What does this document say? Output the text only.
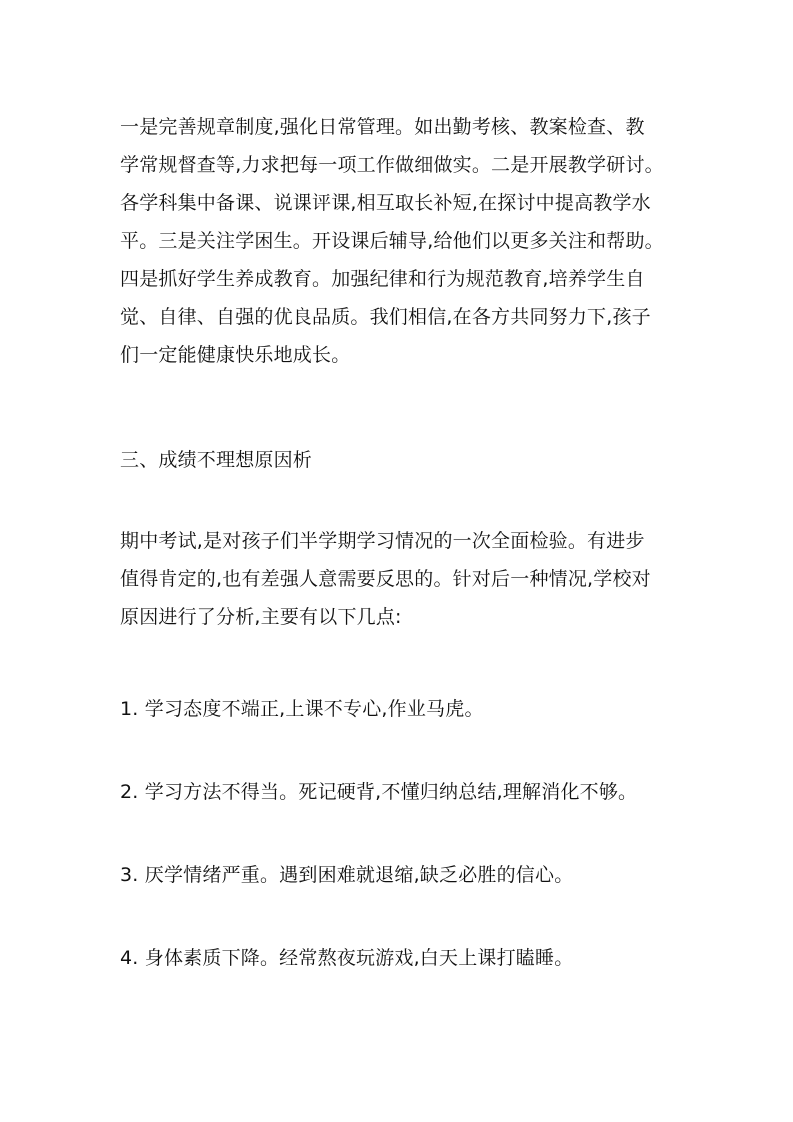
一是完善规章制度,强化日常管理。如出勤考核、教案检查、教
学常规督查等,力求把每一项工作做细做实。二是开展教学研讨。
各学科集中备课、说课评课,相互取长补短,在探讨中提高教学水
平。三是关注学困生。开设课后辅导,给他们以更多关注和帮助。
四是抓好学生养成教育。加强纪律和行为规范教育,培养学生自
觉、自律、自强的优良品质。我们相信,在各方共同努力下,孩子
们一定能健康快乐地成长。

三、成绩不理想原因析

期中考试,是对孩子们半学期学习情况的一次全面检验。有进步
值得肯定的,也有差强人意需要反思的。针对后一种情况,学校对
原因进行了分析,主要有以下几点:

1. 学习态度不端正,上课不专心,作业马虎。

2. 学习方法不得当。死记硬背,不懂归纳总结,理解消化不够。

3. 厌学情绪严重。遇到困难就退缩,缺乏必胜的信心。

4. 身体素质下降。经常熬夜玩游戏,白天上课打瞌睡。
